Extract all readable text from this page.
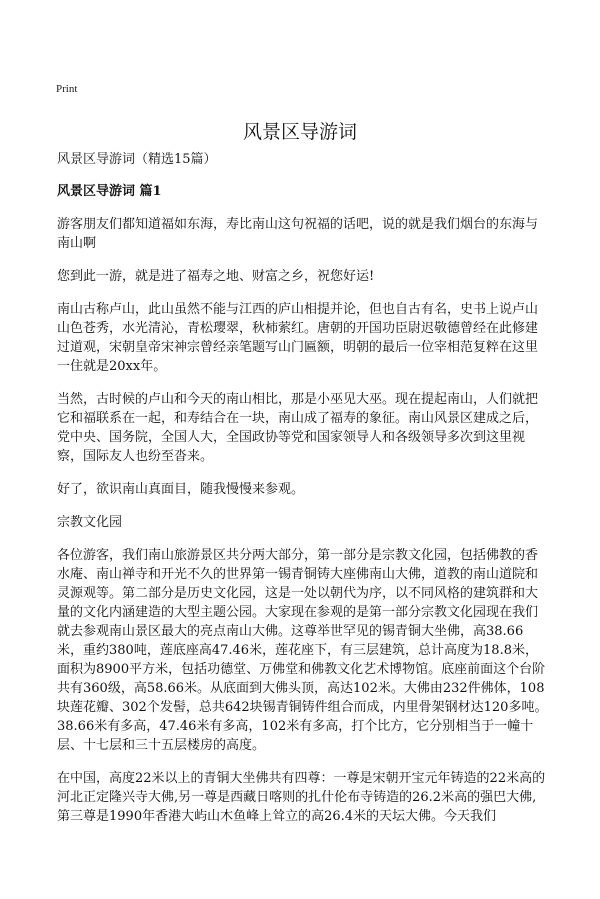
Print
风景区导游词

风景区导游词（精选15篇）

风景区导游词 篇1

游客朋友们都知道福如东海，寿比南山这句祝福的话吧，说的就是我们烟台的东海与南山啊

您到此一游，就是进了福寿之地、财富之乡，祝您好运!

南山古称卢山，此山虽然不能与江西的庐山相提并论，但也自古有名，史书上说卢山山色苍秀，水光清沁，青松璎翠，秋柿萦红。唐朝的开国功臣尉迟敬德曾经在此修建过道观，宋朝皇帝宋神宗曾经亲笔题写山门匾额，明朝的最后一位宰相范复粹在这里一住就是20xx年。

当然，古时候的卢山和今天的南山相比，那是小巫见大巫。现在提起南山，人们就把它和福联系在一起，和寿结合在一块，南山成了福寿的象征。南山风景区建成之后，党中央、国务院，全国人大，全国政协等党和国家领导人和各级领导多次到这里视察，国际友人也纷至沓来。

好了，欲识南山真面目，随我慢慢来参观。

宗教文化园

各位游客，我们南山旅游景区共分两大部分，第一部分是宗教文化园，包括佛教的香水庵、南山禅寺和开光不久的世界第一锡青铜铸大座佛南山大佛，道教的南山道院和灵源观等。第二部分是历史文化园，这是一处以朝代为序，以不同风格的建筑群和大量的文化内涵建造的大型主题公园。大家现在参观的是第一部分宗教文化园现在我们就去参观南山景区最大的亮点南山大佛。这尊举世罕见的锡青铜大坐佛，高38.66米，重约380吨，莲底座高47.46米，莲花座下，有三层建筑，总计高度为18.8米，面积为8900平方米，包括功德堂、万佛堂和佛教文化艺术博物馆。底座前面这个台阶共有360级，高58.66米。从底面到大佛头顶，高达102米。大佛由232件佛体，108块莲花瓣、302个发髻，总共642块锡青铜铸件组合而成，内里骨架钢材达120多吨。38.66米有多高，47.46米有多高，102米有多高，打个比方，它分别相当于一幢十层、十七层和三十五层楼房的高度。

在中国，高度22米以上的青铜大坐佛共有四尊：一尊是宋朝开宝元年铸造的22米高的河北正定隆兴寺大佛,另一尊是西藏日喀则的扎什伦布寺铸造的26.2米高的强巴大佛,第三尊是1990年香港大屿山木鱼峰上耸立的高26.4米的天坛大佛。今天我们
